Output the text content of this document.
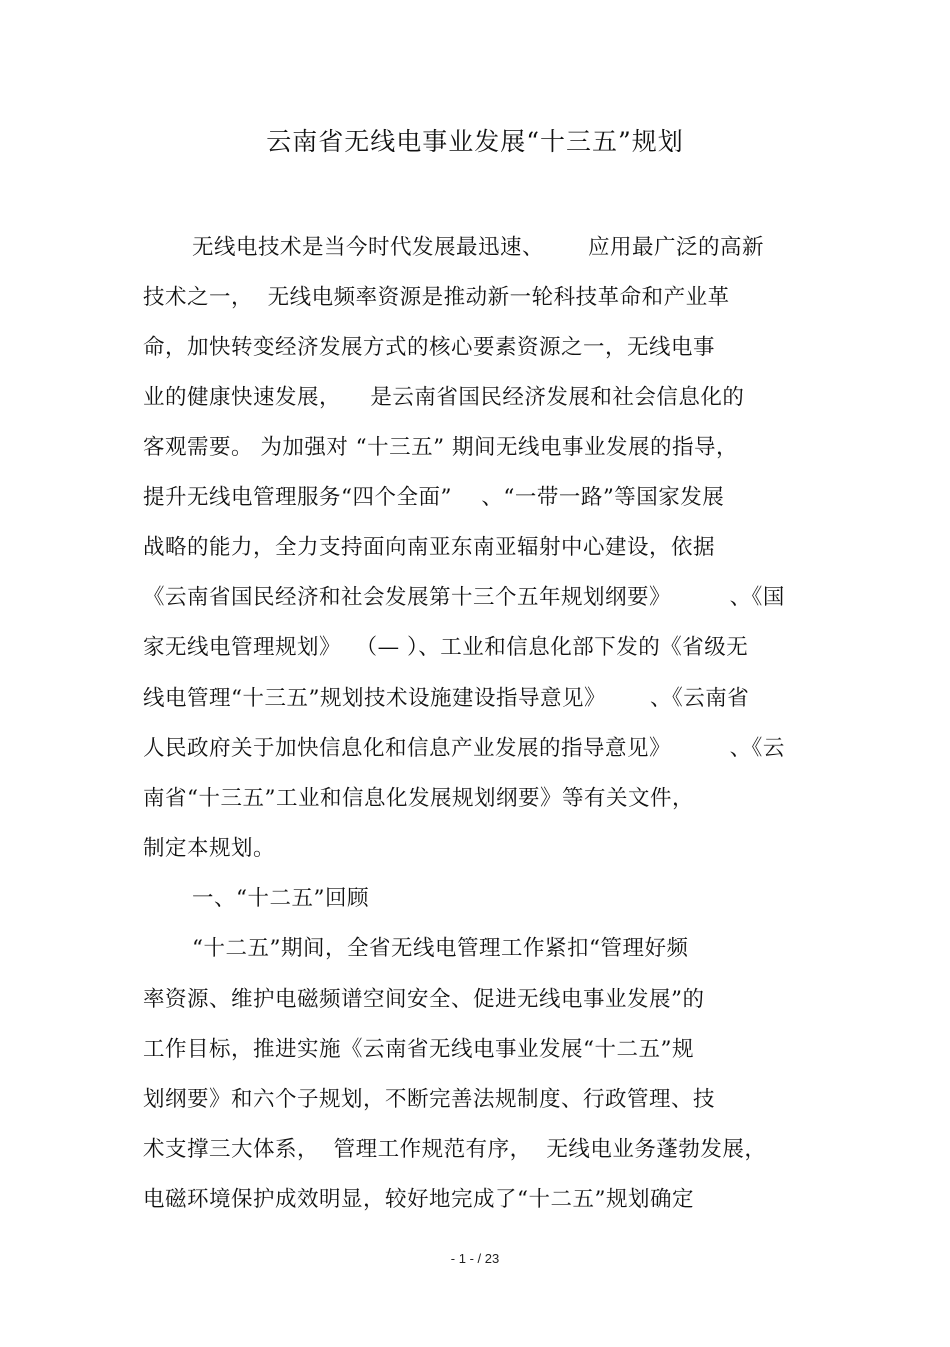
云南省无线电事业发展“十三五”规划
无线电技术是当今时代发展最迅速、      应用最广泛的高新
技术之一，  无线电频率资源是推动新一轮科技革命和产业革
命，加快转变经济发展方式的核心要素资源之一，无线电事
业的健康快速发展，    是云南省国民经济发展和社会信息化的
客观需要。 为加强对 “十三五” 期间无线电事业发展的指导，
提升无线电管理服务“四个全面”    、“一带一路”等国家发展
战略的能力，全力支持面向南亚东南亚辐射中心建设，依据
《云南省国民经济和社会发展第十三个五年规划纲要》        、《国
家无线电管理规划》  （— ）、工业和信息化部下发的《省级无
线电管理“十三五”规划技术设施建设指导意见》      、《云南省
人民政府关于加快信息化和信息产业发展的指导意见》        、《云
南省“十三五”工业和信息化发展规划纲要》等有关文件，
制定本规划。
一、“十二五”回顾
“十二五”期间，全省无线电管理工作紧扣“管理好频
率资源、维护电磁频谱空间安全、促进无线电事业发展”的
工作目标，推进实施《云南省无线电事业发展“十二五”规
划纲要》和六个子规划，不断完善法规制度、行政管理、技
术支撑三大体系，  管理工作规范有序，  无线电业务蓬勃发展，
电磁环境保护成效明显，较好地完成了“十二五”规划确定
- 1 - / 23
